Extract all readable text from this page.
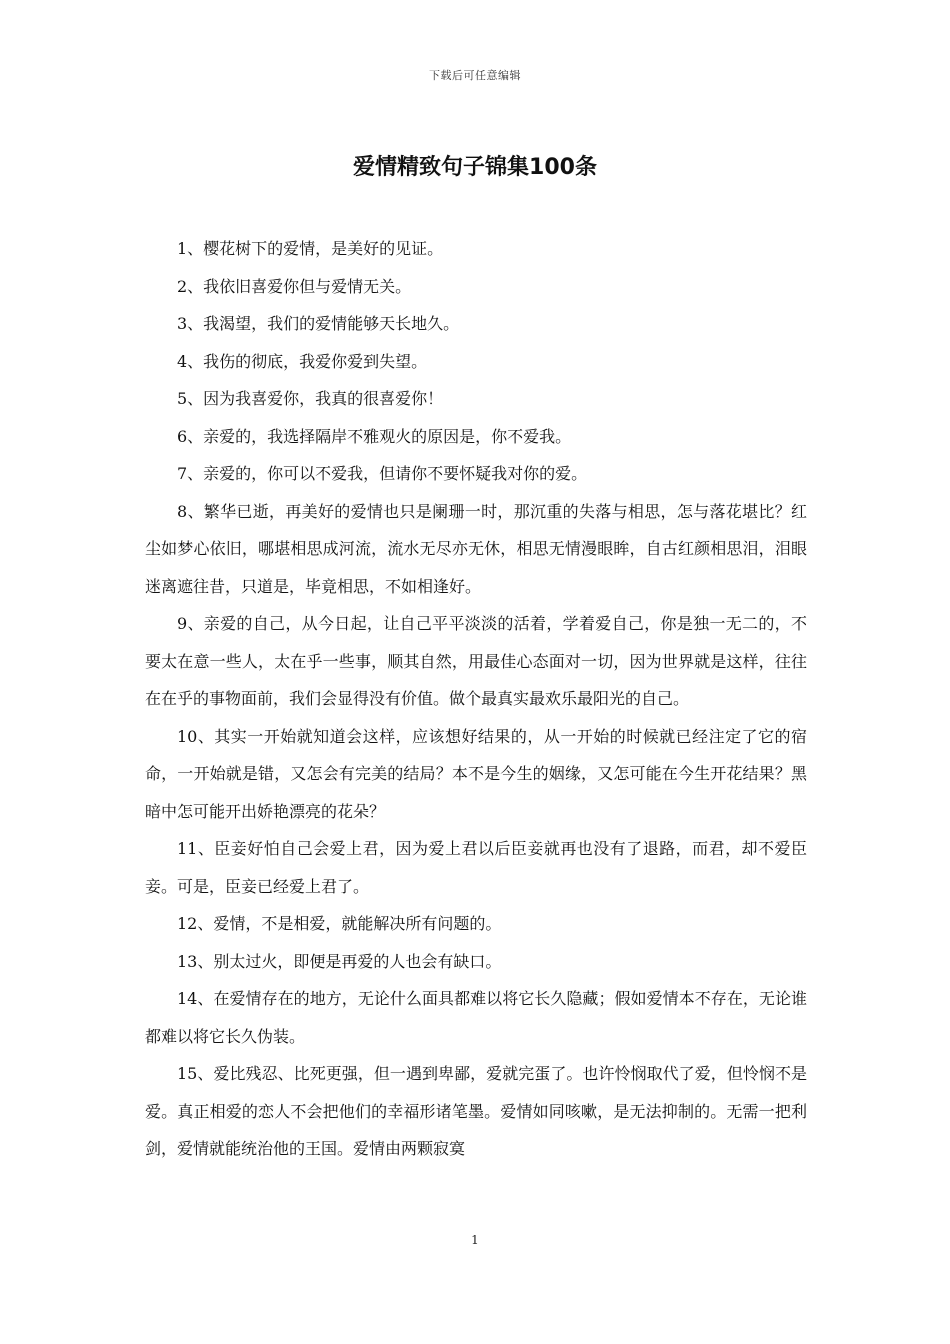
下载后可任意编辑
爱情精致句子锦集100条

1、樱花树下的爱情，是美好的见证。

2、我依旧喜爱你但与爱情无关。

3、我渴望，我们的爱情能够天长地久。

4、我伤的彻底，我爱你爱到失望。

5、因为我喜爱你，我真的很喜爱你！

6、亲爱的，我选择隔岸不雅观火的原因是，你不爱我。

7、亲爱的，你可以不爱我，但请你不要怀疑我对你的爱。

8、繁华已逝，再美好的爱情也只是阑珊一时，那沉重的失落与相思，怎与落花堪比？红尘如梦心依旧，哪堪相思成河流，流水无尽亦无休，相思无情漫眼眸，自古红颜相思泪，泪眼迷离遮往昔，只道是，毕竟相思，不如相逢好。

9、亲爱的自己，从今日起，让自己平平淡淡的活着，学着爱自己，你是独一无二的，不要太在意一些人，太在乎一些事，顺其自然，用最佳心态面对一切，因为世界就是这样，往往在在乎的事物面前，我们会显得没有价值。做个最真实最欢乐最阳光的自己。

10、其实一开始就知道会这样，应该想好结果的，从一开始的时候就已经注定了它的宿命，一开始就是错，又怎会有完美的结局？本不是今生的姻缘，又怎可能在今生开花结果？黑暗中怎可能开出娇艳漂亮的花朵？

11、臣妾好怕自己会爱上君，因为爱上君以后臣妾就再也没有了退路，而君，却不爱臣妾。可是，臣妾已经爱上君了。

12、爱情，不是相爱，就能解决所有问题的。

13、别太过火，即便是再爱的人也会有缺口。

14、在爱情存在的地方，无论什么面具都难以将它长久隐藏；假如爱情本不存在，无论谁都难以将它长久伪装。

15、爱比残忍、比死更强，但一遇到卑鄙，爱就完蛋了。也许怜悯取代了爱，但怜悯不是爱。真正相爱的恋人不会把他们的幸福形诸笔墨。爱情如同咳嗽，是无法抑制的。无需一把利剑，爱情就能统治他的王国。爱情由两颗寂寞

1
